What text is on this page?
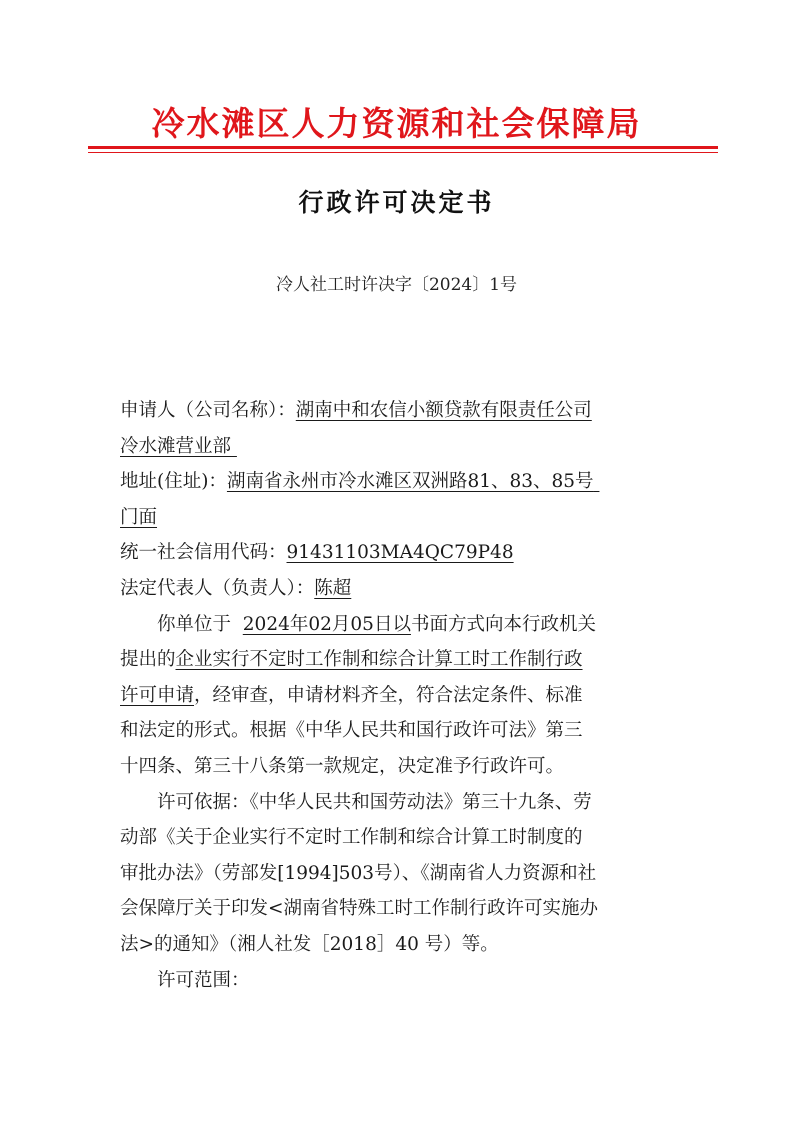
冷水滩区人力资源和社会保障局
行政许可决定书
冷人社工时许决字〔2024〕1号
申请人（公司名称）：湖南中和农信小额贷款有限责任公司
冷水滩营业部
地址(住址)：湖南省永州市冷水滩区双洲路81、83、85号
门面
统一社会信用代码：91431103MA4QC79P48
法定代表人（负责人）：陈超
你单位于 2024年02月05日以书面方式向本行政机关
提出的企业实行不定时工作制和综合计算工时工作制行政
许可申请，经审查，申请材料齐全，符合法定条件、标准
和法定的形式。根据《中华人民共和国行政许可法》第三
十四条、第三十八条第一款规定，决定准予行政许可。
许可依据：《中华人民共和国劳动法》第三十九条、劳
动部《关于企业实行不定时工作制和综合计算工时制度的
审批办法》（劳部发[1994]503号）、《湖南省人力资源和社
会保障厅关于印发<湖南省特殊工时工作制行政许可实施办
法>的通知》（湘人社发［2018］40 号）等。
许可范围：
